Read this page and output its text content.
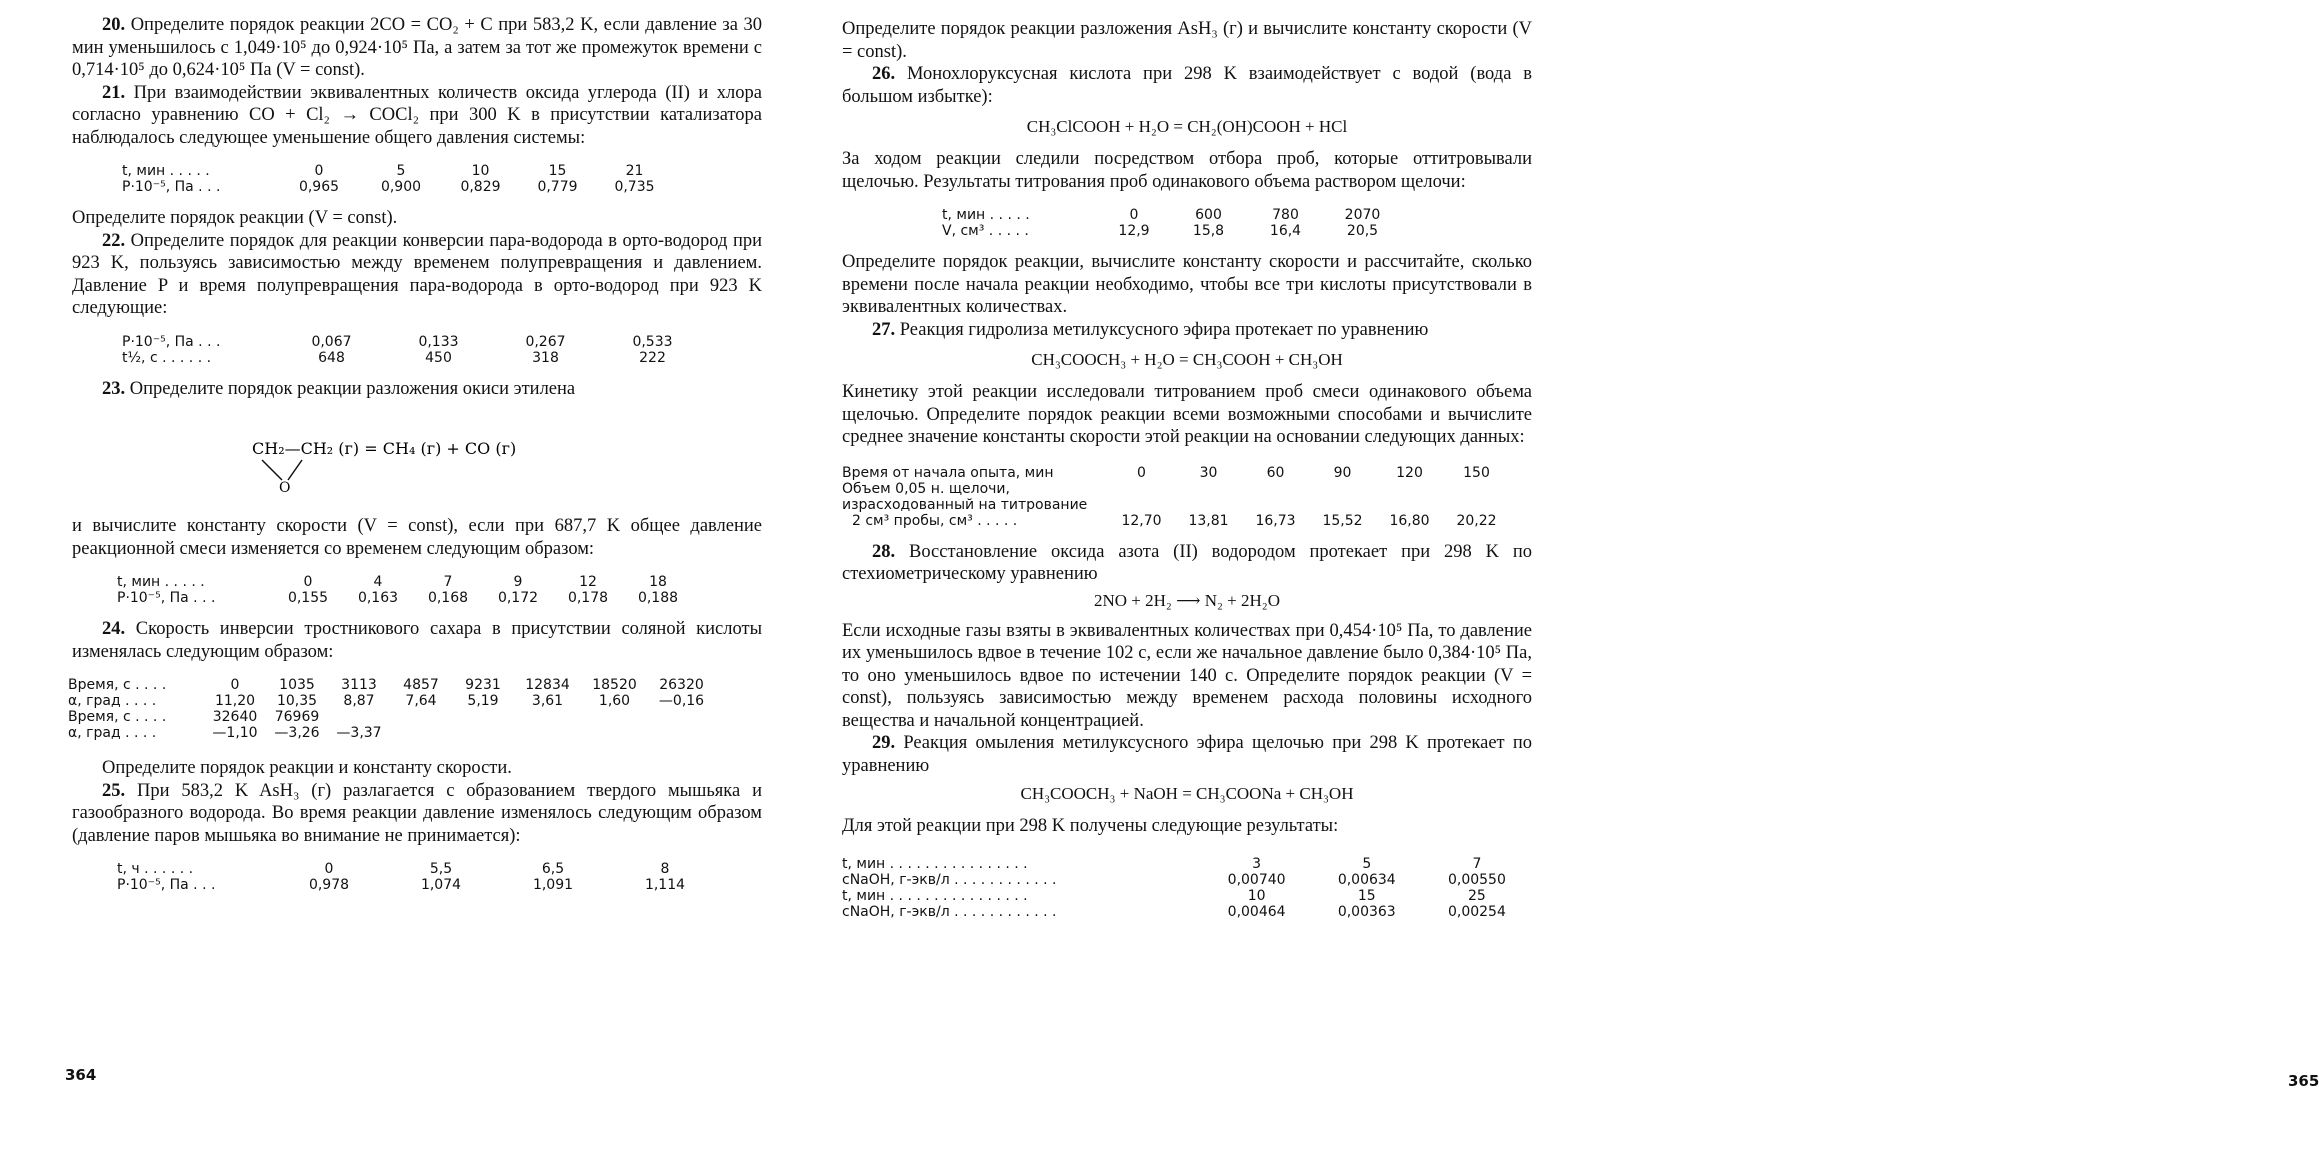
20. Определите порядок реакции 2CO = CO₂ + C при 583,2 K, если давление за 30 мин уменьшилось с 1,049·10⁵ до 0,924·10⁵ Па, а затем за тот же промежуток времени с 0,714·10⁵ до 0,624·10⁵ Па (V = const).

21. При взаимодействии эквивалентных количеств оксида углерода (II) и хлора согласно уравнению CO + Cl₂ → COCl₂ при 300 K в присутствии катализатора наблюдалось следующее уменьшение общего давления системы:

t, мин . . . . .	0	5	10	15	21
P·10⁻⁵, Па . . .	0,965	0,900	0,829	0,779	0,735

Определите порядок реакции (V = const).

22. Определите порядок для реакции конверсии пара-водорода в орто-водород при 923 K, пользуясь зависимостью между временем полупревращения и давлением. Давление P и время полупревращения пара-водорода в орто-водород при 923 K следующие:

P·10⁻⁵, Па . . .	0,067	0,133	0,267	0,533
t½, с . . . . . .	648	450	318	222

23. Определите порядок реакции разложения окиси этилена

CH₂—CH₂ (г) = CH₄ (г) + CO (г)
O

и вычислите константу скорости (V = const), если при 687,7 K общее давление реакционной смеси изменяется со временем следующим образом:

t, мин . . . . .	0	4	7	9	12	18
P·10⁻⁵, Па . . .	0,155	0,163	0,168	0,172	0,178	0,188

24. Скорость инверсии тростникового сахара в присутствии соляной кислоты изменялась следующим образом:

Время, с . . . .	0	1035	3113	4857	9231	12834	18520	26320
α, град . . . .	11,20	10,35	8,87	7,64	5,19	3,61	1,60	—0,16
Время, с . . . .	32640	76969						
α, град . . . .	—1,10	—3,26	—3,37					

Определите порядок реакции и константу скорости.

25. При 583,2 K AsH₃ (г) разлагается с образованием твердого мышьяка и газообразного водорода. Во время реакции давление изменялось следующим образом (давление паров мышьяка во внимание не принимается):

t, ч . . . . . .	0	5,5	6,5	8
P·10⁻⁵, Па . . .	0,978	1,074	1,091	1,114
364

Определите порядок реакции разложения AsH₃ (г) и вычислите константу скорости (V = const).

26. Монохлоруксусная кислота при 298 K взаимодействует с водой (вода в большом избытке):

CH₃ClCOOH + H₂O = CH₂(OH)COOH + HCl

За ходом реакции следили посредством отбора проб, которые оттитровывали щелочью. Результаты титрования проб одинакового объема раствором щелочи:

t, мин . . . . .	0	600	780	2070
V, см³ . . . . .	12,9	15,8	16,4	20,5

Определите порядок реакции, вычислите константу скорости и рассчитайте, сколько времени после начала реакции необходимо, чтобы все три кислоты присутствовали в эквивалентных количествах.

27. Реакция гидролиза метилуксусного эфира протекает по уравнению

CH₃COOCH₃ + H₂O = CH₃COOH + CH₃OH

Кинетику этой реакции исследовали титрованием проб смеси одинакового объема щелочью. Определите порядок реакции всеми возможными способами и вычислите среднее значение константы скорости этой реакции на основании следующих данных:

Время от начала опыта, мин	0	30	60	90	120	150
Объем 0,05 н. щелочи, израсходованный на титрование						
2 см³ пробы, см³ . . . . .	12,70	13,81	16,73	15,52	16,80	20,22

28. Восстановление оксида азота (II) водородом протекает при 298 K по стехиометрическому уравнению

2NO + 2H₂ ⟶ N₂ + 2H₂O

Если исходные газы взяты в эквивалентных количествах при 0,454·10⁵ Па, то давление их уменьшилось вдвое в течение 102 с, если же начальное давление было 0,384·10⁵ Па, то оно уменьшилось вдвое по истечении 140 с. Определите порядок реакции (V = const), пользуясь зависимостью между временем расхода половины исходного вещества и начальной концентрацией.

29. Реакция омыления метилуксусного эфира щелочью при 298 K протекает по уравнению

CH₃COOCH₃ + NaOH = CH₃COONa + CH₃OH

Для этой реакции при 298 K получены следующие результаты:

t, мин . . . . . . . . . . . . . . . .	3	5	7
cNaOH, г-экв/л . . . . . . . . . . . .	0,00740	0,00634	0,00550
t, мин . . . . . . . . . . . . . . . .	10	15	25
cNaOH, г-экв/л . . . . . . . . . . . .	0,00464	0,00363	0,00254
365
